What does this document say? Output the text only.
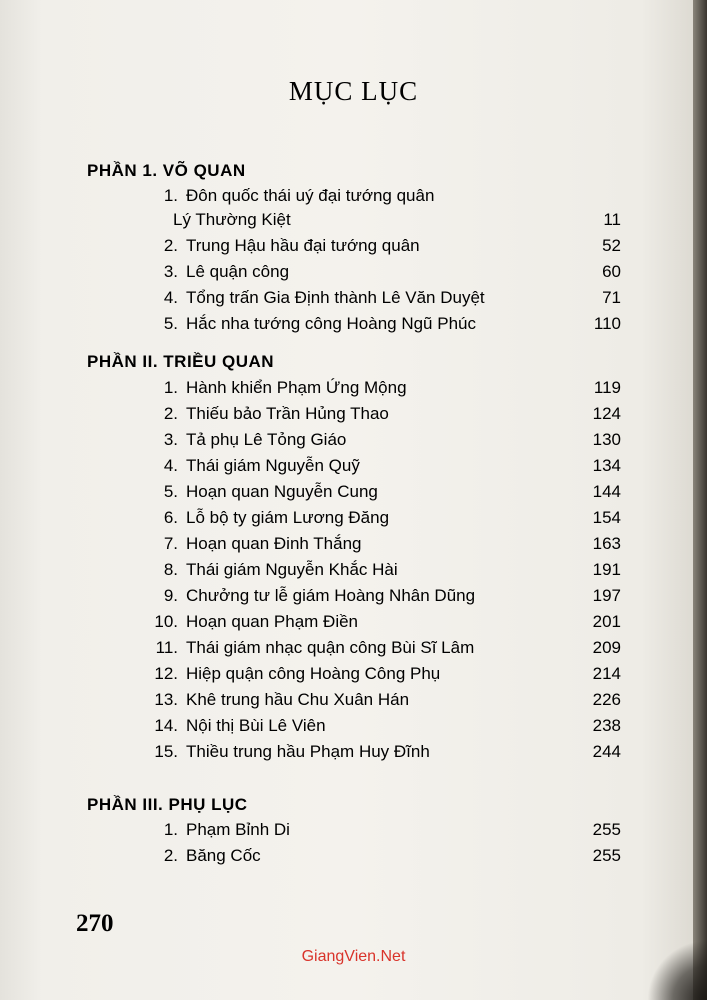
MỤC LỤC
PHẦN 1. VÕ QUAN
1. Đôn quốc thái uý đại tướng quân
Lý Thường Kiệt	11
2. Trung Hậu hầu đại tướng quân	52
3. Lê quận công	60
4. Tổng trấn Gia Định thành Lê Văn Duyệt	71
5. Hắc nha tướng công Hoàng Ngũ Phúc	110
PHẦN II. TRIỀU QUAN
1. Hành khiển Phạm Ứng Mộng	119
2. Thiếu bảo Trần Hủng Thao	124
3. Tả phụ Lê Tỏng Giáo	130
4. Thái giám Nguyễn Quỹ	134
5. Hoạn quan Nguyễn Cung	144
6. Lỗ bộ ty giám Lương Đăng	154
7. Hoạn quan Đinh Thắng	163
8. Thái giám Nguyễn Khắc Hài	191
9. Chưởng tư lễ giám Hoàng Nhân Dũng	197
10. Hoạn quan Phạm Điền	201
11. Thái giám nhạc quận công Bùi Sĩ Lâm	209
12. Hiệp quận công Hoàng Công Phụ	214
13. Khê trung hầu Chu Xuân Hán	226
14. Nội thị Bùi Lê Viên	238
15. Thiều trung hầu Phạm Huy Đĩnh	244
PHẦN III. PHỤ LỤC
1. Phạm Bỉnh Di	255
2. Băng Cốc	255
270
GiangVien.Net
